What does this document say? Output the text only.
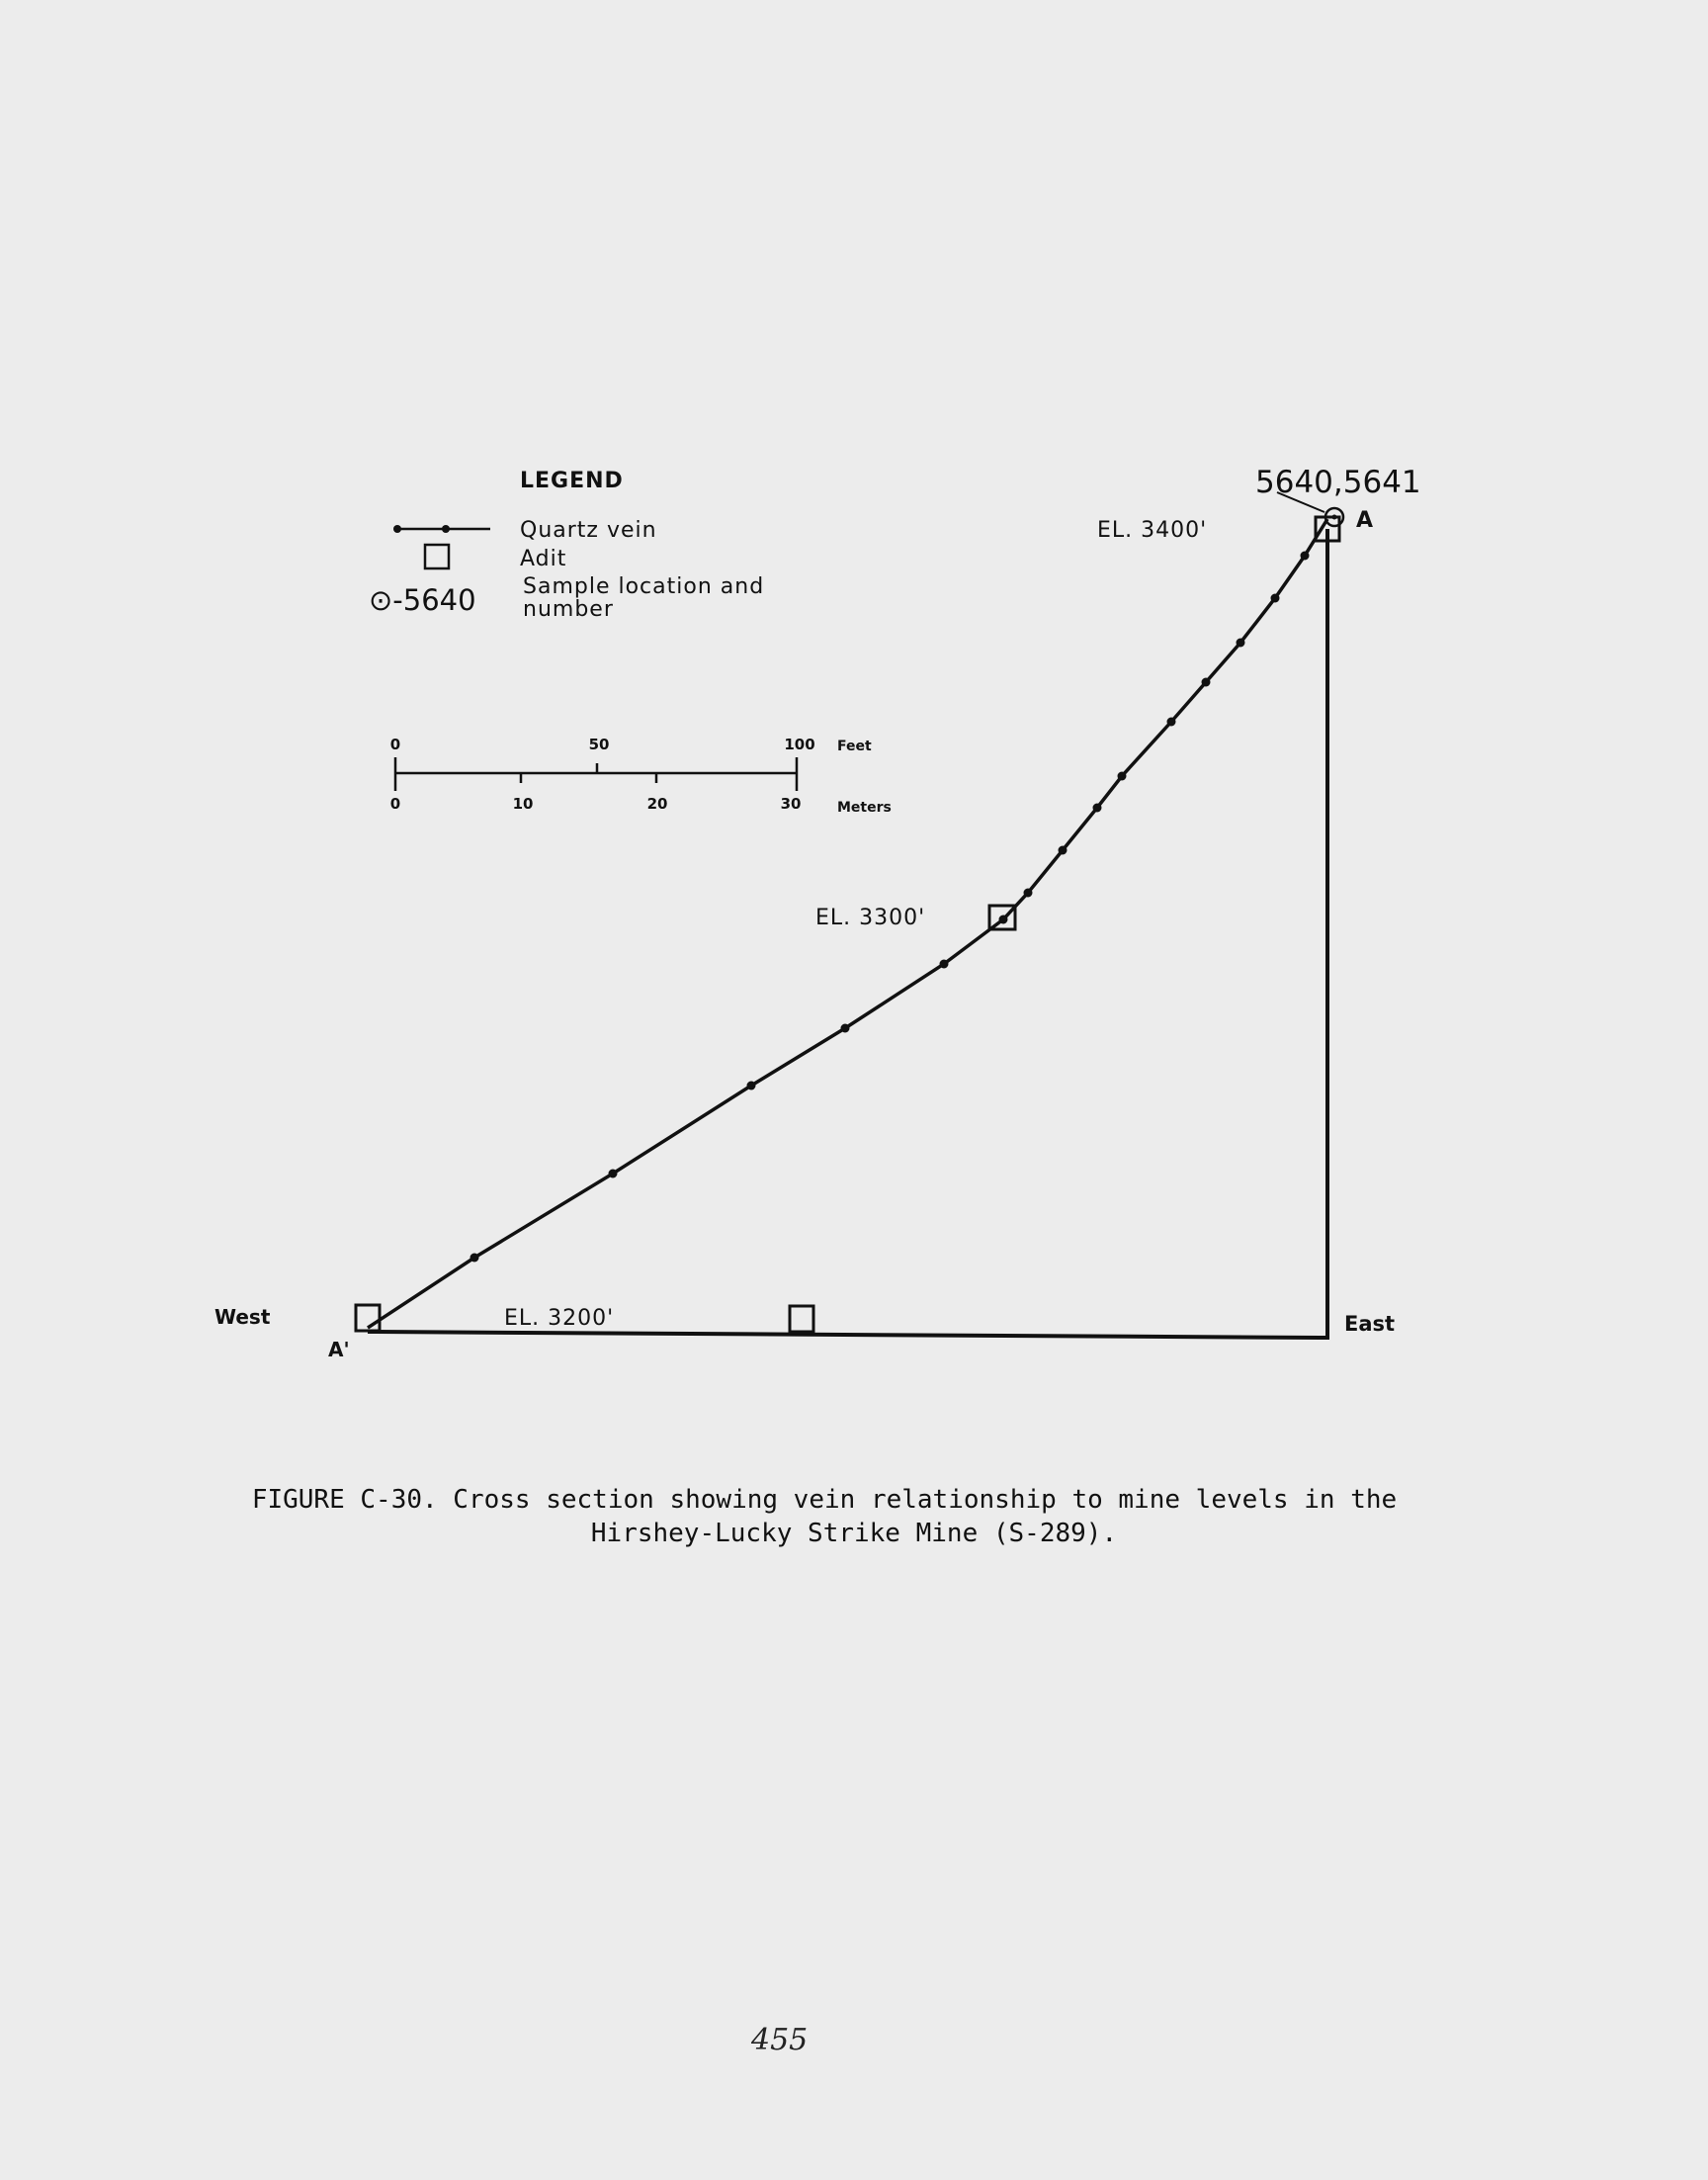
LEGEND
Quartz vein
Adit
⊙-5640 Sample location and
number
0	50	100 Feet
0	10	20	30	Meters
5640,5641
A
EL. 3400'
EL. 3300'
EL. 3200'
West	East
A'
FIGURE C-30. Cross section showing vein relationship to mine levels in the
Hirshey-Lucky Strike Mine (S-289).
455
